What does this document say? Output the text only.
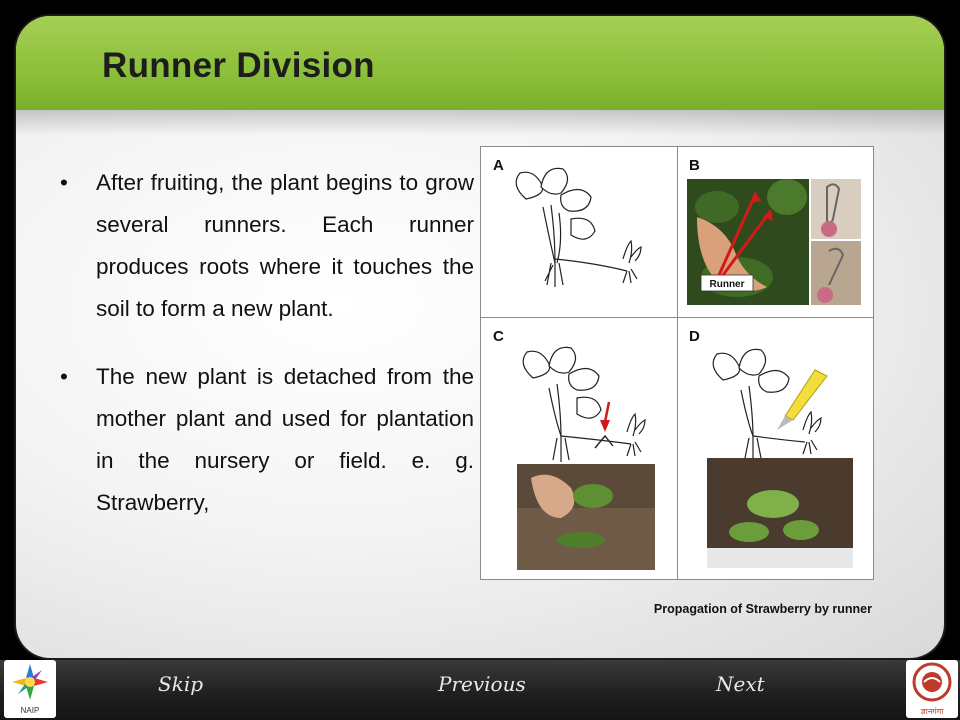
Runner Division
• After fruiting, the plant begins to grow several runners. Each runner produces roots where it touches the soil to form a new plant.
• The new plant is detached from the mother plant and used for plantation in the nursery or field. e. g. Strawberry,
A	B
Runner
C	D
Propagation of Strawberry by runner
Skip	Previous	Next
NAIP	ज्ञानगंगा
